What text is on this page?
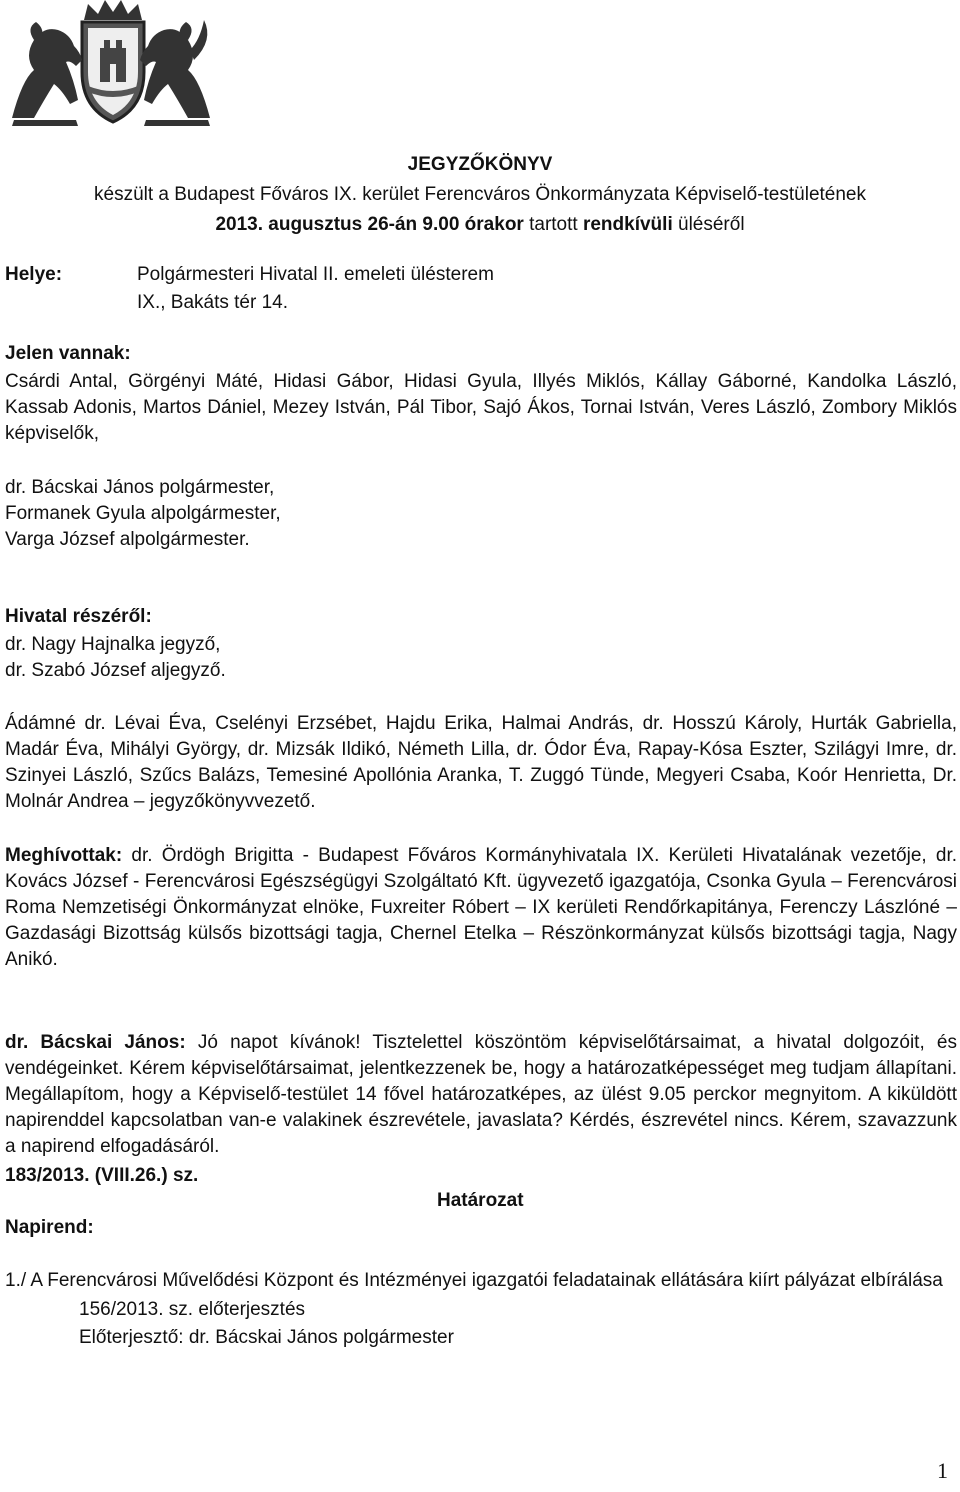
JEGYZŐKÖNYV
készült a Budapest Főváros IX. kerület Ferencváros Önkormányzata Képviselő-testületének
2013. augusztus 26-án 9.00 órakor tartott rendkívüli üléséről
Helye:	Polgármesteri Hivatal II. emeleti ülésterem
IX., Bakáts tér 14.
Jelen vannak:
Csárdi Antal, Görgényi Máté, Hidasi Gábor, Hidasi Gyula, Illyés Miklós, Kállay Gáborné, Kandolka László,
Kassab Adonis, Martos Dániel, Mezey István, Pál Tibor, Sajó Ákos, Tornai István, Veres László, Zombory Miklós
képviselők,
dr. Bácskai János polgármester,
Formanek Gyula alpolgármester,
Varga József alpolgármester.
Hivatal részéről:
dr. Nagy Hajnalka jegyző,
dr. Szabó József aljegyző.
Ádámné dr. Lévai Éva, Cselényi Erzsébet, Hajdu Erika, Halmai András, dr. Hosszú Károly, Hurták Gabriella,
Madár Éva, Mihályi György, dr. Mizsák Ildikó, Németh Lilla, dr. Ódor Éva, Rapay-Kósa Eszter, Szilágyi Imre, dr.
Szinyei László, Szűcs Balázs, Temesiné Apollónia Aranka, T. Zuggó Tünde, Megyeri Csaba, Koór Henrietta, Dr.
Molnár Andrea – jegyzőkönyvvezető.
Meghívottak: dr. Ördögh Brigitta - Budapest Főváros Kormányhivatala IX. Kerületi Hivatalának vezetője, dr.
Kovács József - Ferencvárosi Egészségügyi Szolgáltató Kft. ügyvezető igazgatója, Csonka Gyula – Ferencvárosi
Roma Nemzetiségi Önkormányzat elnöke, Fuxreiter Róbert – IX kerületi Rendőrkapitánya, Ferenczy Lászlóné –
Gazdasági Bizottság külsős bizottsági tagja, Chernel Etelka – Részönkormányzat külsős bizottsági tagja, Nagy
Anikó.
dr. Bácskai János: Jó napot kívánok! Tisztelettel köszöntöm képviselőtársaimat, a hivatal dolgozóit, és
vendégeinket. Kérem képviselőtársaimat, jelentkezzenek be, hogy a határozatképességet meg tudjam állapítani.
Megállapítom, hogy a Képviselő-testület 14 fővel határozatképes, az ülést 9.05 perckor megnyitom. A kiküldött
napirenddel kapcsolatban van-e valakinek észrevétele, javaslata? Kérdés, észrevétel nincs. Kérem, szavazzunk
a napirend elfogadásáról.
183/2013. (VIII.26.) sz.
Határozat
Napirend:
1./ A Ferencvárosi Művelődési Központ és Intézményei igazgatói feladatainak ellátására kiírt pályázat elbírálása
156/2013. sz. előterjesztés
Előterjesztő: dr. Bácskai János polgármester
1
